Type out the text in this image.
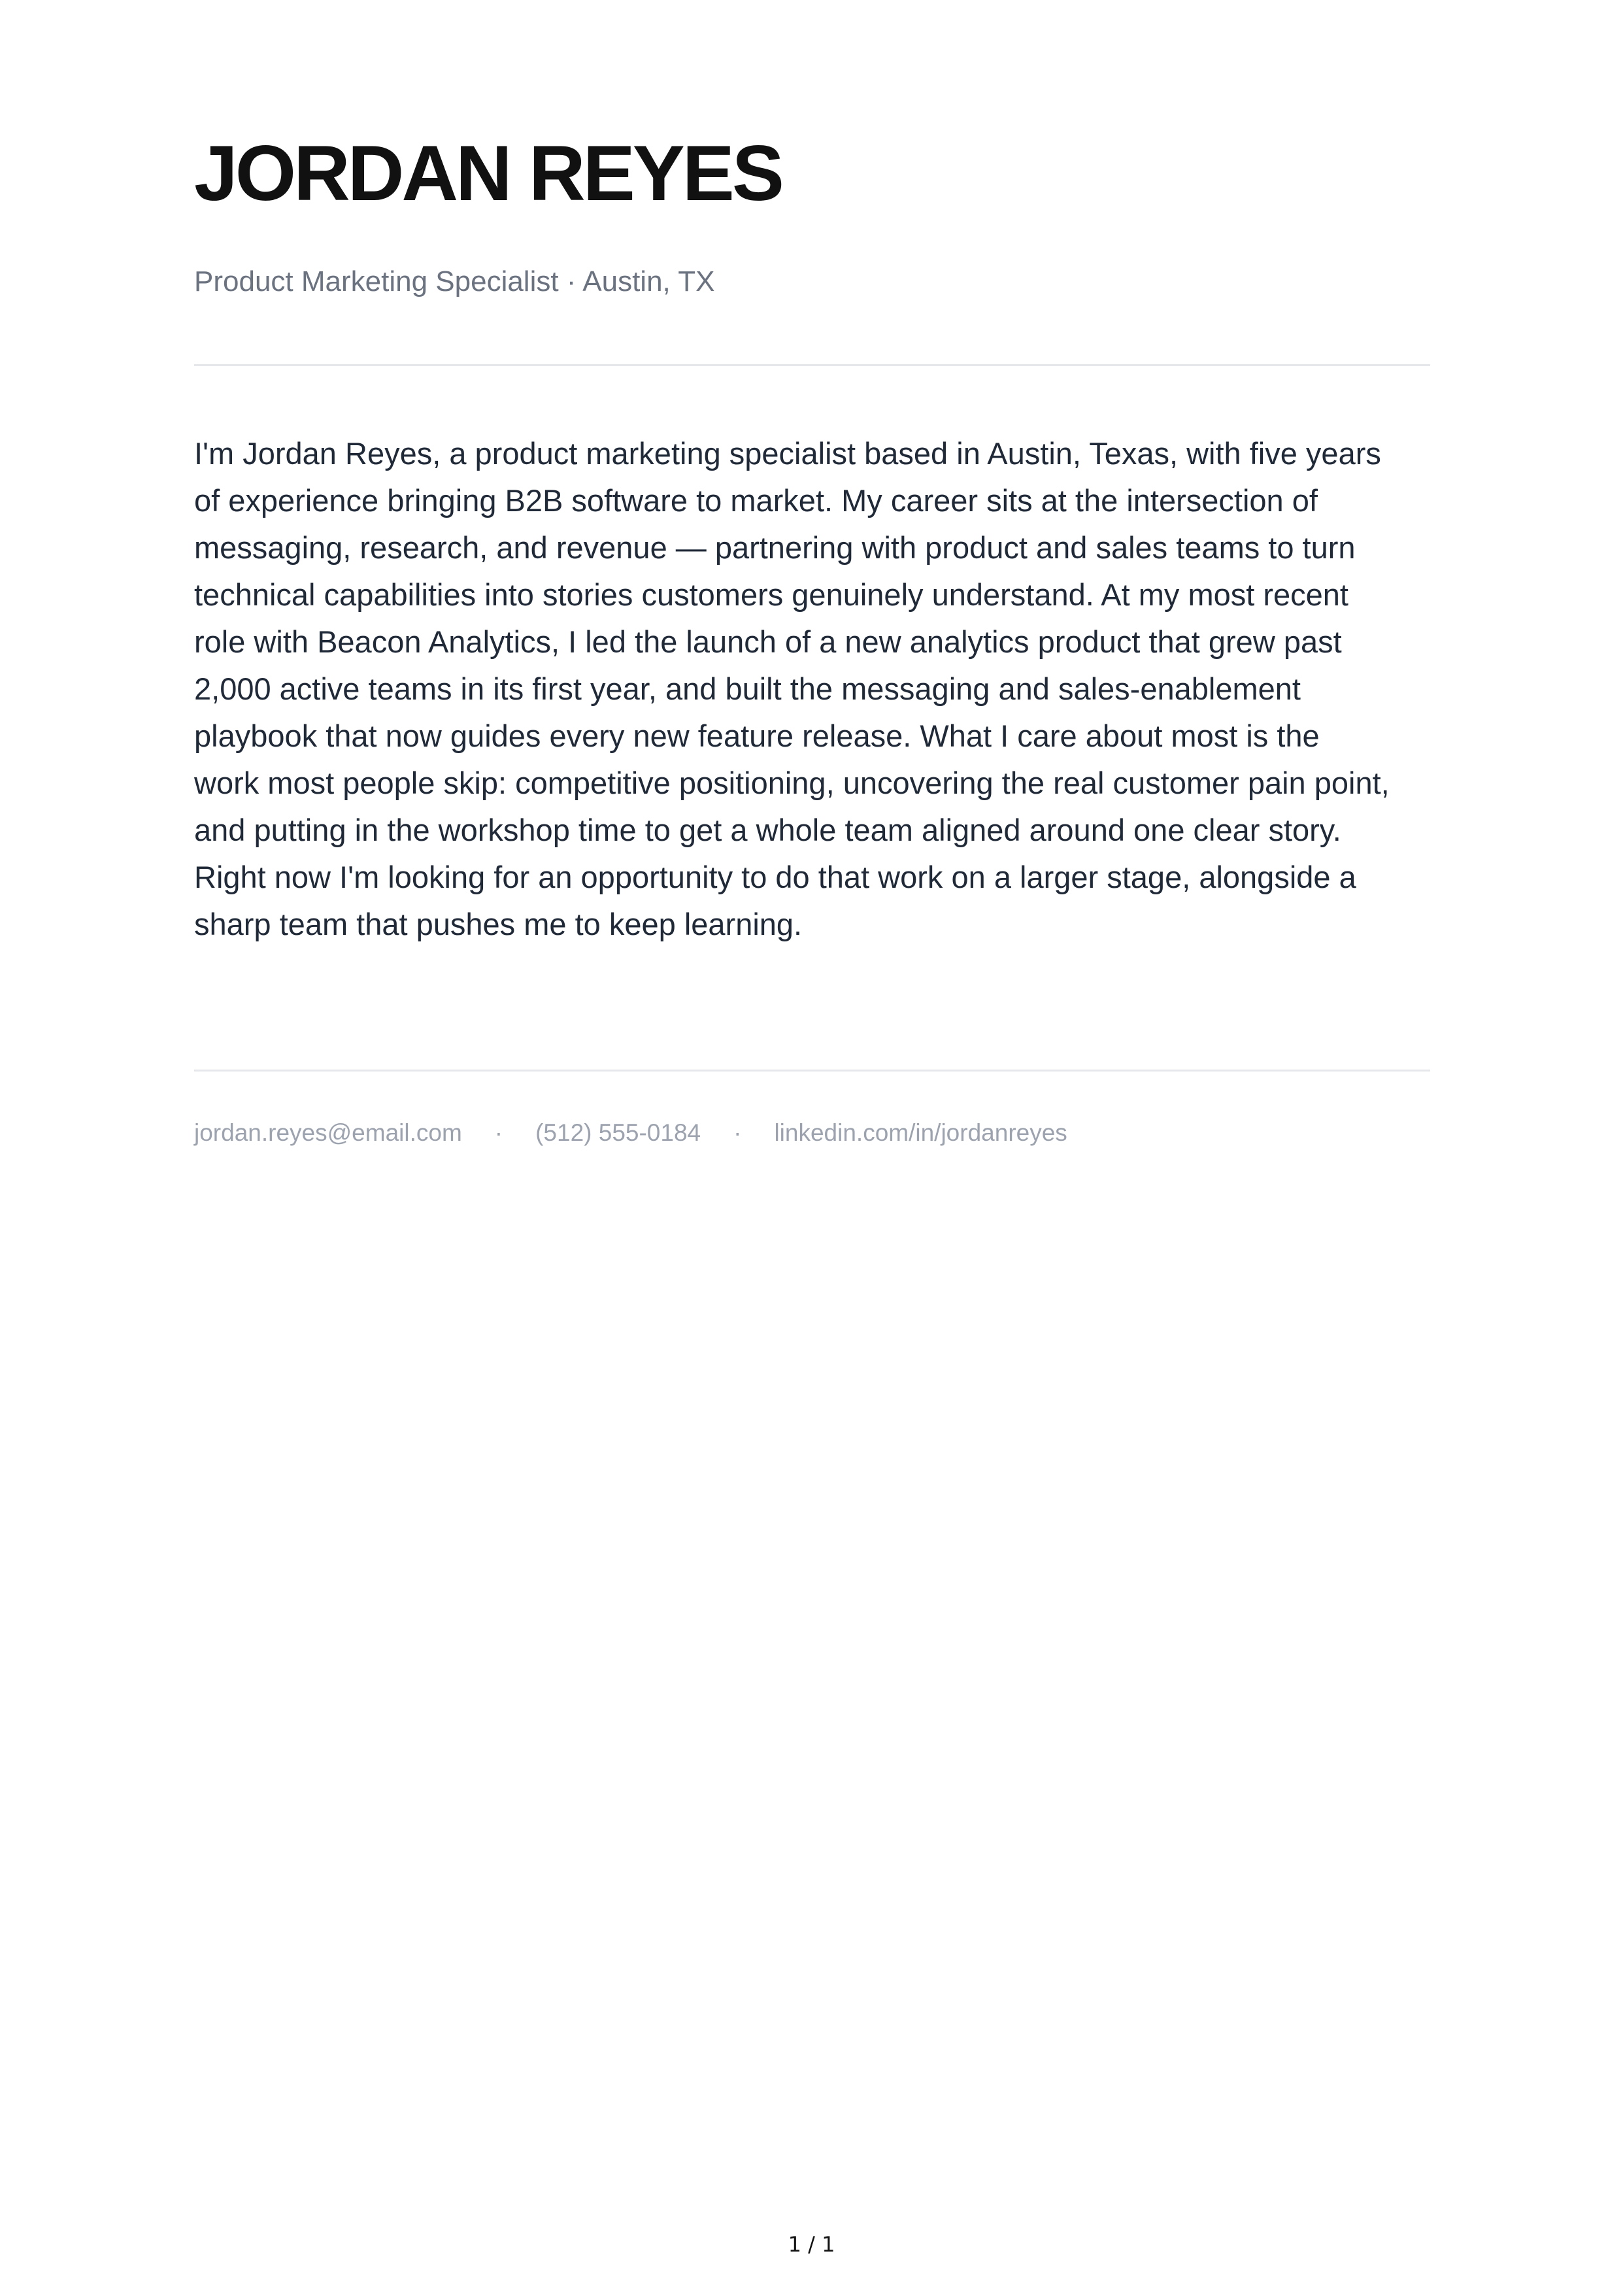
JORDAN REYES

Product Marketing Specialist · Austin, TX

I'm Jordan Reyes, a product marketing specialist based in Austin, Texas, with five years of experience bringing B2B software to market. My career sits at the intersection of messaging, research, and revenue — partnering with product and sales teams to turn technical capabilities into stories customers genuinely understand. At my most recent role with Beacon Analytics, I led the launch of a new analytics product that grew past 2,000 active teams in its first year, and built the messaging and sales-enablement playbook that now guides every new feature release. What I care about most is the work most people skip: competitive positioning, uncovering the real customer pain point, and putting in the workshop time to get a whole team aligned around one clear story. Right now I'm looking for an opportunity to do that work on a larger stage, alongside a sharp team that pushes me to keep learning.

jordan.reyes@email.com · (512) 555-0184 · linkedin.com/in/jordanreyes
1 / 1
